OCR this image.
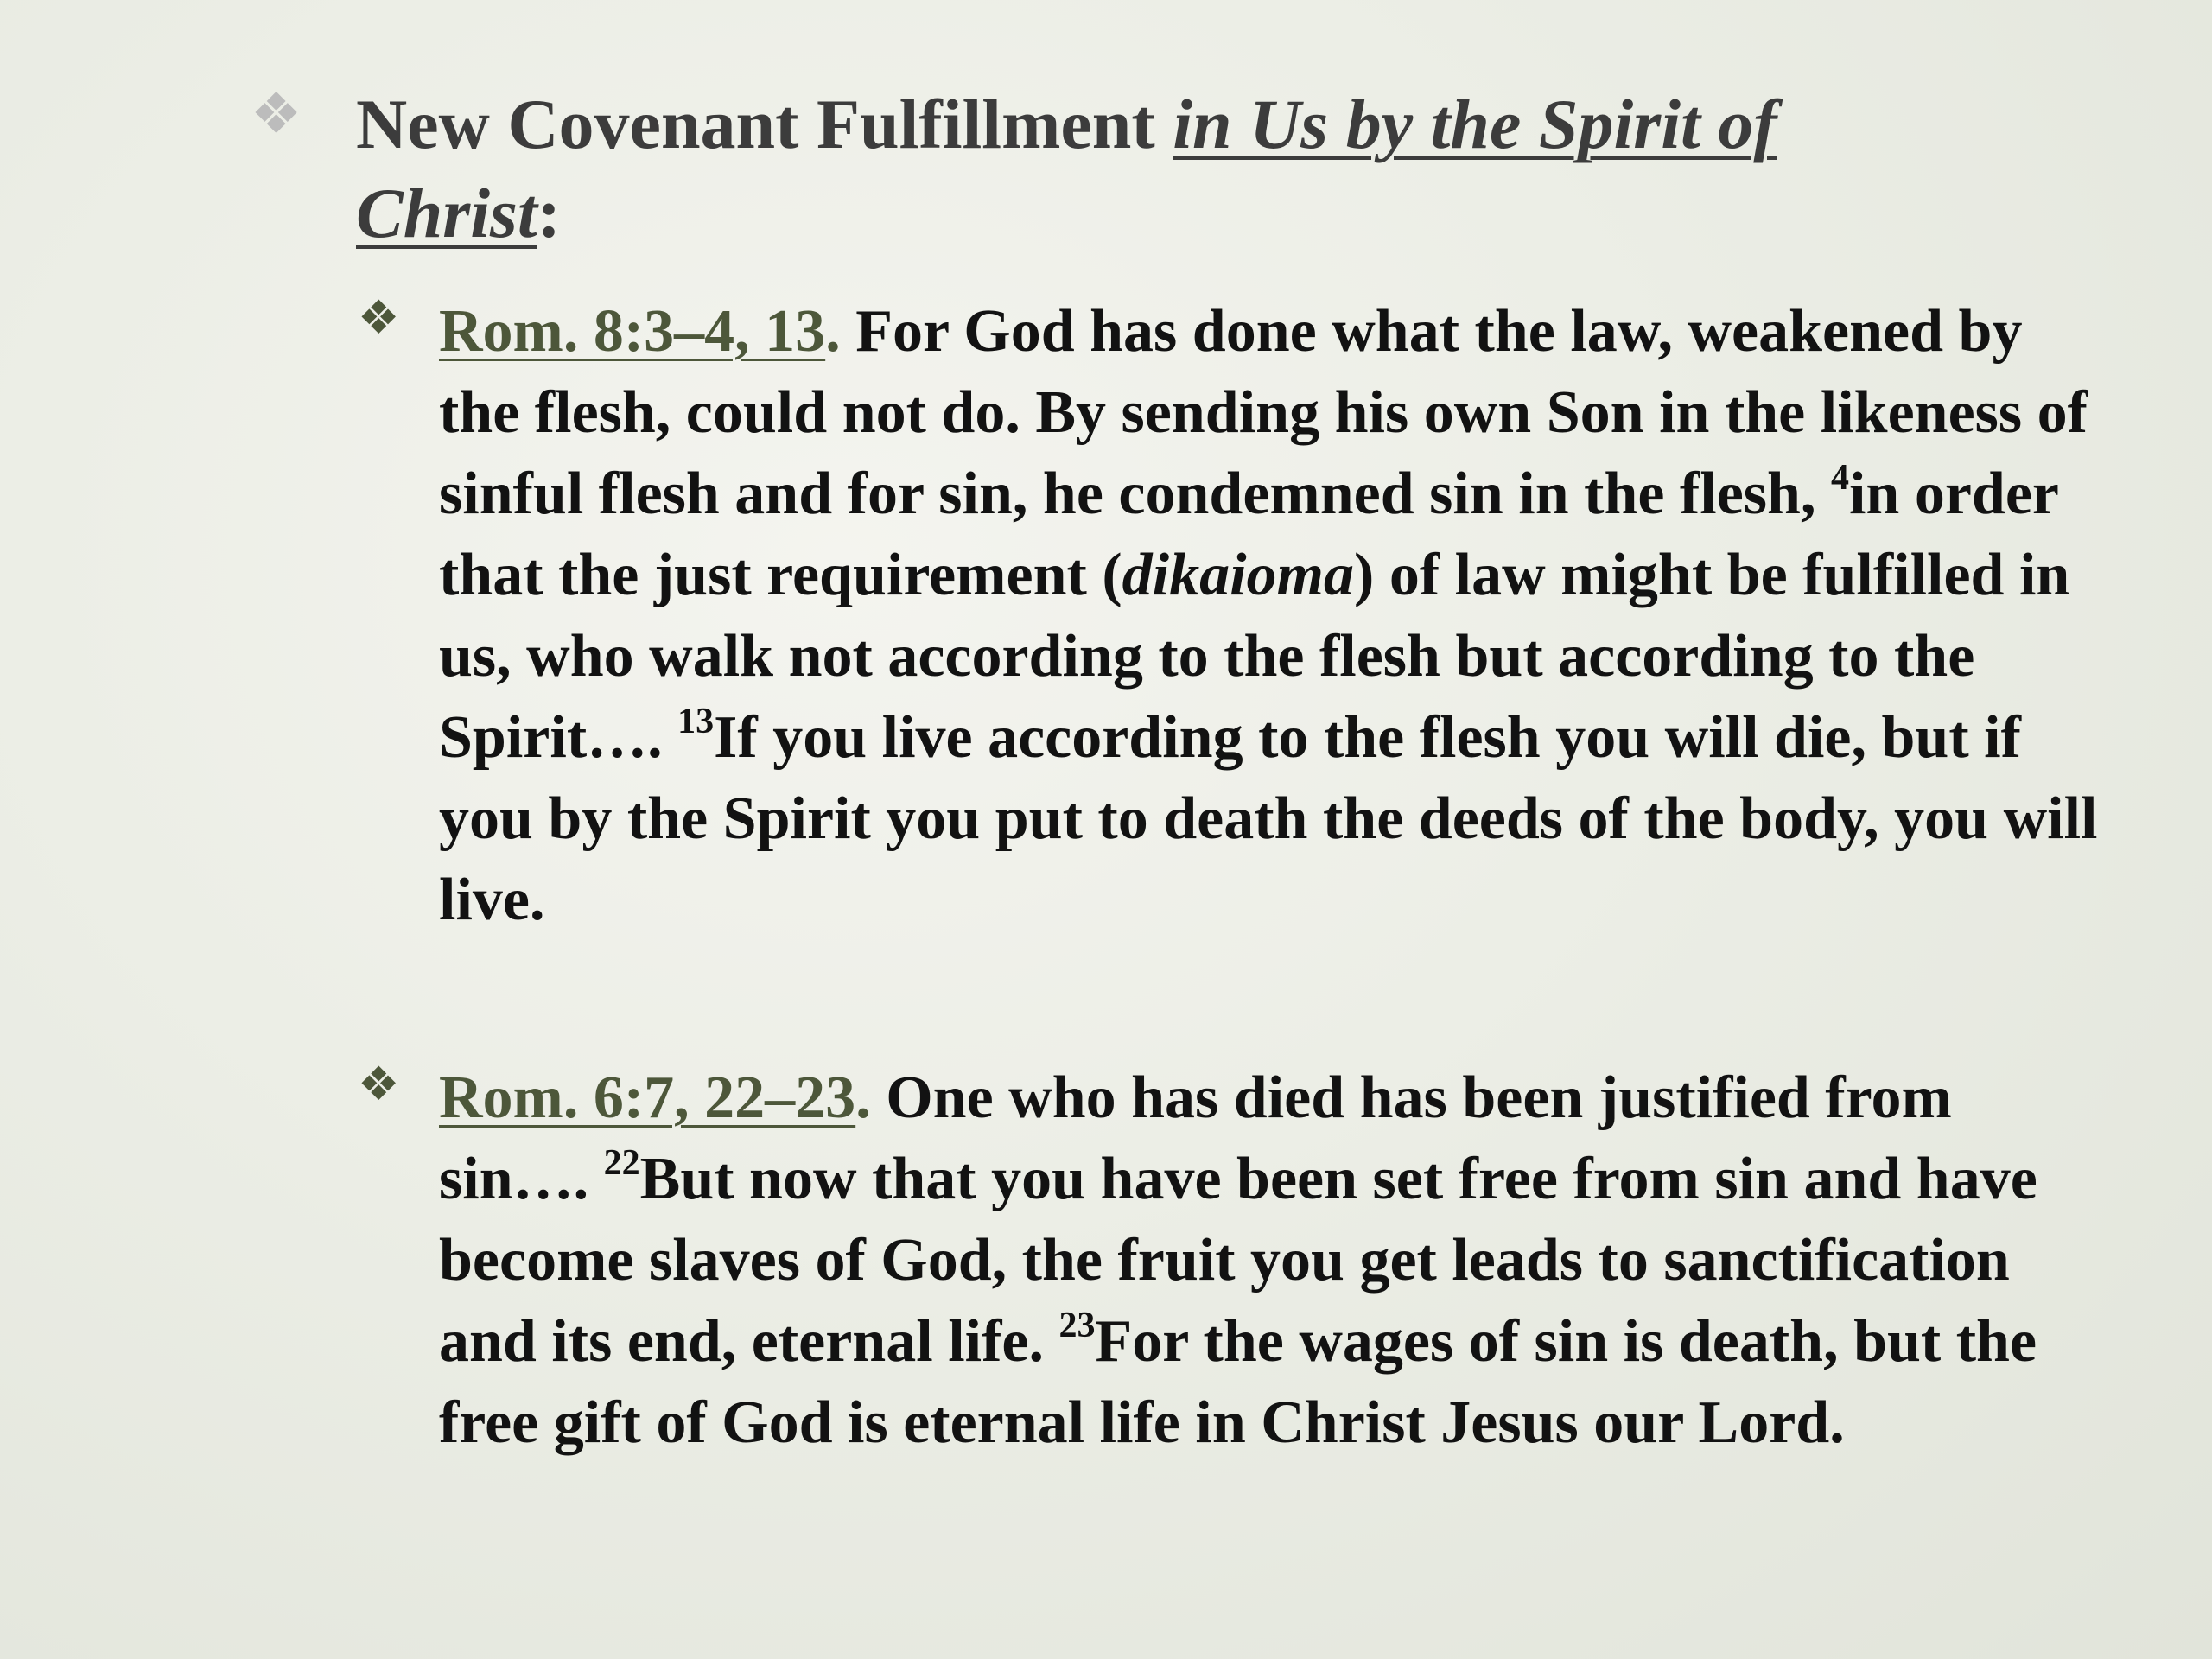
❖ New Covenant Fulfillment in Us by the Spirit of
Christ:
❖ Rom. 8:3–4, 13. For God has done what the law, weakened by the flesh, could not do. By sending his own Son in the likeness of sinful flesh and for sin, he condemned sin in the flesh, $^4$in order that the just requirement (dikaioma) of law might be fulfilled in us, who walk not according to the flesh but according to the Spirit…. $^{13}$If you live according to the flesh you will die, but if you by the Spirit you put to death the deeds of the body, you will live.
❖ Rom. 6:7, 22–23. One who has died has been justified from sin…. $^{22}$But now that you have been set free from sin and have become slaves of God, the fruit you get leads to sanctification and its end, eternal life. $^{23}$For the wages of sin is death, but the free gift of God is eternal life in Christ Jesus our Lord.
